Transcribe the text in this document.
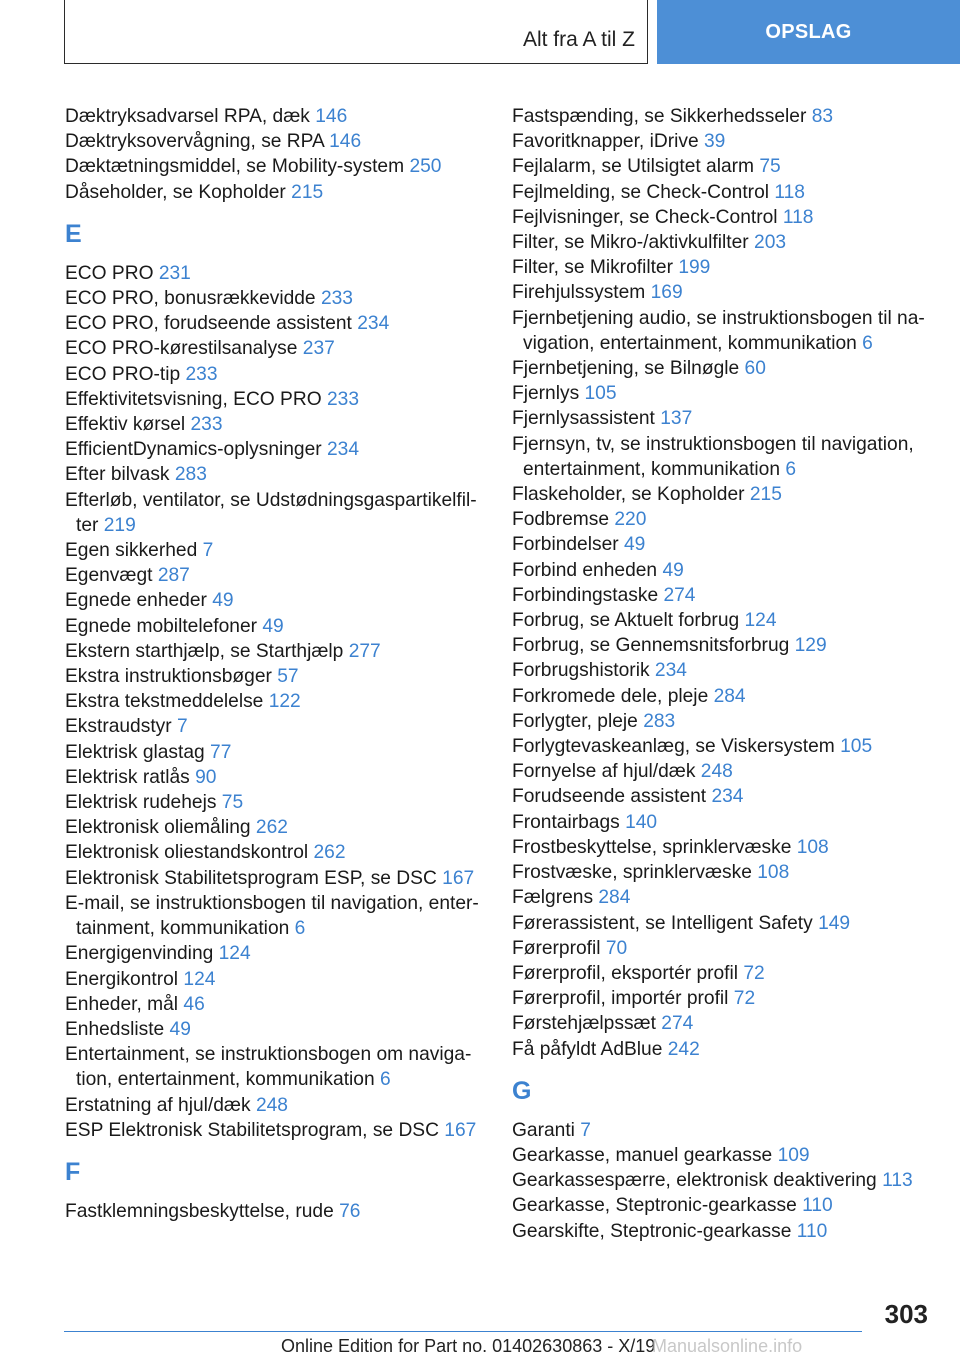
Alt fra A til Z	OPSLAG
Dæktryksadvarsel RPA, dæk 146
Dæktryksovervågning, se RPA 146
Dæktætningsmiddel, se Mobility-system 250
Dåseholder, se Kopholder 215
E
ECO PRO 231
ECO PRO, bonusrækkevidde 233
ECO PRO, forudseende assistent 234
ECO PRO-kørestilsanalyse 237
ECO PRO-tip 233
Effektivitetsvisning, ECO PRO 233
Effektiv kørsel 233
EfficientDynamics-oplysninger 234
Efter bilvask 283
Efterløb, ventilator, se Udstødningsgaspartikelfil‐
ter 219
Egen sikkerhed 7
Egenvægt 287
Egnede enheder 49
Egnede mobiltelefoner 49
Ekstern starthjælp, se Starthjælp 277
Ekstra instruktionsbøger 57
Ekstra tekstmeddelelse 122
Ekstraudstyr 7
Elektrisk glastag 77
Elektrisk ratlås 90
Elektrisk rudehejs 75
Elektronisk oliemåling 262
Elektronisk oliestandskontrol 262
Elektronisk Stabilitetsprogram ESP, se DSC 167
E-mail, se instruktionsbogen til navigation, enter‐
tainment, kommunikation 6
Energigenvinding 124
Energikontrol 124
Enheder, mål 46
Enhedsliste 49
Entertainment, se instruktionsbogen om naviga‐
tion, entertainment, kommunikation 6
Erstatning af hjul/dæk 248
ESP Elektronisk Stabilitetsprogram, se DSC 167
F
Fastklemningsbeskyttelse, rude 76
Fastspænding, se Sikkerhedsseler 83
Favoritknapper, iDrive 39
Fejlalarm, se Utilsigtet alarm 75
Fejlmelding, se Check-Control 118
Fejlvisninger, se Check-Control 118
Filter, se Mikro-/aktivkulfilter 203
Filter, se Mikrofilter 199
Firehjulssystem 169
Fjernbetjening audio, se instruktionsbogen til na‐
vigation, entertainment, kommunikation 6
Fjernbetjening, se Bilnøgle 60
Fjernlys 105
Fjernlysassistent 137
Fjernsyn, tv, se instruktionsbogen til navigation,
entertainment, kommunikation 6
Flaskeholder, se Kopholder 215
Fodbremse 220
Forbindelser 49
Forbind enheden 49
Forbindingstaske 274
Forbrug, se Aktuelt forbrug 124
Forbrug, se Gennemsnitsforbrug 129
Forbrugshistorik 234
Forkromede dele, pleje 284
Forlygter, pleje 283
Forlygtevaskeanlæg, se Viskersystem 105
Fornyelse af hjul/dæk 248
Forudseende assistent 234
Frontairbags 140
Frostbeskyttelse, sprinklervæske 108
Frostvæske, sprinklervæske 108
Fælgrens 284
Førerassistent, se Intelligent Safety 149
Førerprofil 70
Førerprofil, eksportér profil 72
Førerprofil, importér profil 72
Førstehjælpssæt 274
Få påfyldt AdBlue 242
G
Garanti 7
Gearkasse, manuel gearkasse 109
Gearkassespærre, elektronisk deaktivering 113
Gearkasse, Steptronic-gearkasse 110
Gearskifte, Steptronic-gearkasse 110
303
Online Edition for Part no. 01402630863 - X/19
Manualsonline.info
